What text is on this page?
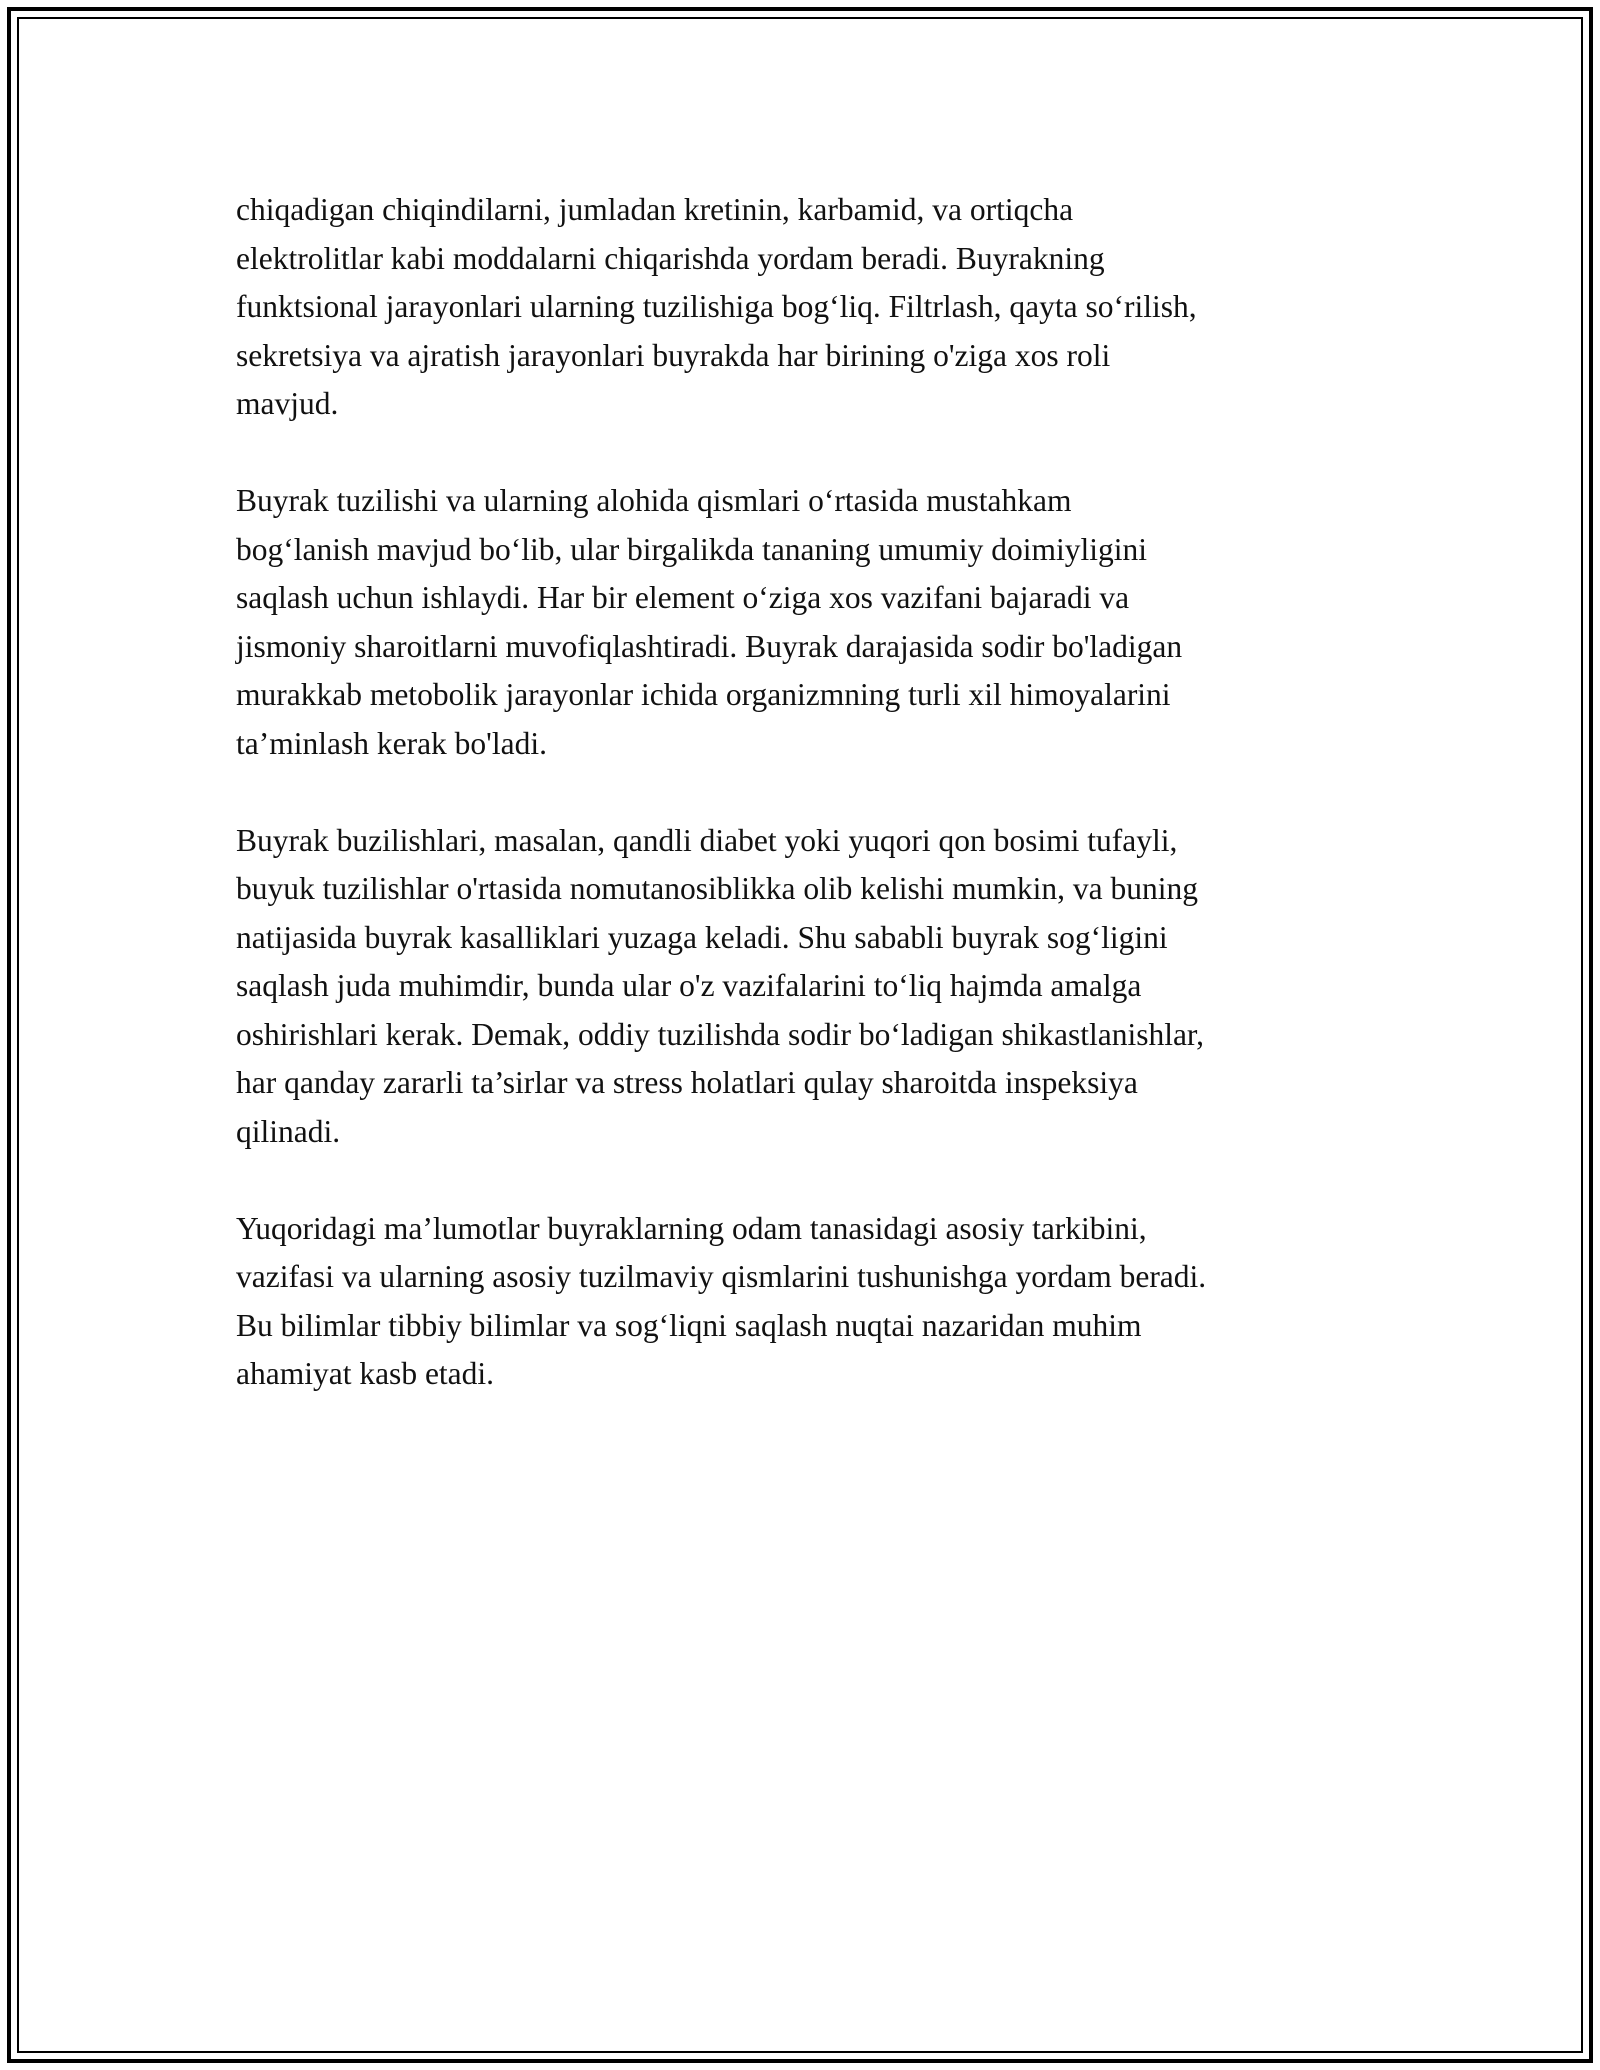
chiqadigan chiqindilarni, jumladan kretinin, karbamid, va ortiqcha
elektrolitlar kabi moddalarni chiqarishda yordam beradi. Buyrakning
funktsional jarayonlari ularning tuzilishiga bog‘liq. Filtrlash, qayta so‘rilish,
sekretsiya va ajratish jarayonlari buyrakda har birining o'ziga xos roli
mavjud.

Buyrak tuzilishi va ularning alohida qismlari o‘rtasida mustahkam
bog‘lanish mavjud bo‘lib, ular birgalikda tananing umumiy doimiyligini
saqlash uchun ishlaydi. Har bir element o‘ziga xos vazifani bajaradi va
jismoniy sharoitlarni muvofiqlashtiradi. Buyrak darajasida sodir bo'ladigan
murakkab metobolik jarayonlar ichida organizmning turli xil himoyalarini
ta’minlash kerak bo'ladi.

Buyrak buzilishlari, masalan, qandli diabet yoki yuqori qon bosimi tufayli,
buyuk tuzilishlar o'rtasida nomutanosiblikka olib kelishi mumkin, va buning
natijasida buyrak kasalliklari yuzaga keladi. Shu sababli buyrak sog‘ligini
saqlash juda muhimdir, bunda ular o'z vazifalarini to‘liq hajmda amalga
oshirishlari kerak. Demak, oddiy tuzilishda sodir bo‘ladigan shikastlanishlar,
har qanday zararli ta’sirlar va stress holatlari qulay sharoitda inspeksiya
qilinadi.

Yuqoridagi ma’lumotlar buyraklarning odam tanasidagi asosiy tarkibini,
vazifasi va ularning asosiy tuzilmaviy qismlarini tushunishga yordam beradi.
Bu bilimlar tibbiy bilimlar va sog‘liqni saqlash nuqtai nazaridan muhim
ahamiyat kasb etadi.
